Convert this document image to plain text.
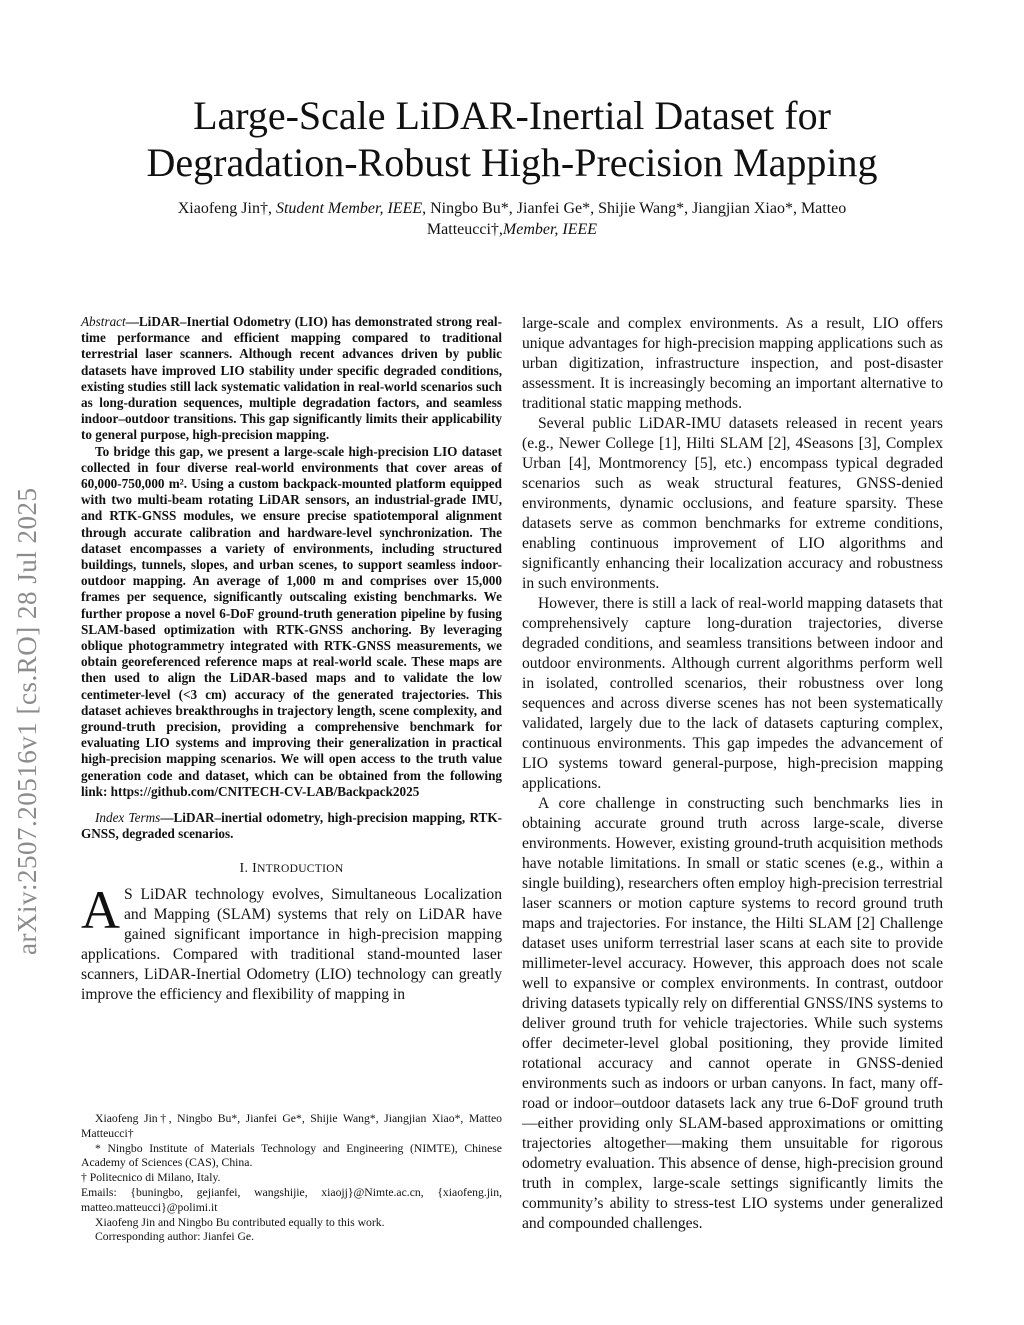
arXiv:2507.20516v1 [cs.RO] 28 Jul 2025
Large-Scale LiDAR-Inertial Dataset for
Degradation-Robust High-Precision Mapping
Xiaofeng Jin†, Student Member, IEEE, Ningbo Bu*, Jianfei Ge*, Shijie Wang*, Jiangjian Xiao*, Matteo Matteucci†,Member, IEEE

Abstract—LiDAR–Inertial Odometry (LIO) has demonstrated strong real-time performance and efficient mapping compared to traditional terrestrial laser scanners. Although recent advances driven by public datasets have improved LIO stability under specific degraded conditions, existing studies still lack systematic validation in real-world scenarios such as long-duration sequences, multiple degradation factors, and seamless indoor–outdoor transitions. This gap significantly limits their applicability to general purpose, high-precision mapping.

To bridge this gap, we present a large-scale high-precision LIO dataset collected in four diverse real-world environments that cover areas of 60,000-750,000 m². Using a custom backpack-mounted platform equipped with two multi-beam rotating LiDAR sensors, an industrial-grade IMU, and RTK-GNSS modules, we ensure precise spatiotemporal alignment through accurate calibration and hardware-level synchronization. The dataset encompasses a variety of environments, including structured buildings, tunnels, slopes, and urban scenes, to support seamless indoor-outdoor mapping. An average of 1,000 m and comprises over 15,000 frames per sequence, significantly outscaling existing benchmarks. We further propose a novel 6-DoF ground-truth generation pipeline by fusing SLAM-based optimization with RTK-GNSS anchoring. By leveraging oblique photogrammetry integrated with RTK-GNSS measurements, we obtain georeferenced reference maps at real-world scale. These maps are then used to align the LiDAR-based maps and to validate the low centimeter-level (<3 cm) accuracy of the generated trajectories. This dataset achieves breakthroughs in trajectory length, scene complexity, and ground-truth precision, providing a comprehensive benchmark for evaluating LIO systems and improving their generalization in practical high-precision mapping scenarios. We will open access to the truth value generation code and dataset, which can be obtained from the following link: https://github.com/CNITECH-CV-LAB/Backpack2025

Index Terms—LiDAR–inertial odometry, high-precision mapping, RTK-GNSS, degraded scenarios.

I. INTRODUCTION

A S LiDAR technology evolves, Simultaneous Localization and Mapping (SLAM) systems that rely on LiDAR have gained significant importance in high-precision mapping applications. Compared with traditional stand-mounted laser scanners, LiDAR-Inertial Odometry (LIO) technology can greatly improve the efficiency and flexibility of mapping in

Xiaofeng Jin†, Ningbo Bu*, Jianfei Ge*, Shijie Wang*, Jiangjian Xiao*, Matteo Matteucci†

* Ningbo Institute of Materials Technology and Engineering (NIMTE), Chinese Academy of Sciences (CAS), China.

† Politecnico di Milano, Italy.

Emails: {buningbo, gejianfei, wangshijie, xiaojj}@Nimte.ac.cn, {xiaofeng.jin, matteo.matteucci}@polimi.it

Xiaofeng Jin and Ningbo Bu contributed equally to this work.

Corresponding author: Jianfei Ge.

large-scale and complex environments. As a result, LIO offers unique advantages for high-precision mapping applications such as urban digitization, infrastructure inspection, and post-disaster assessment. It is increasingly becoming an important alternative to traditional static mapping methods.

Several public LiDAR-IMU datasets released in recent years (e.g., Newer College [1], Hilti SLAM [2], 4Seasons [3], Complex Urban [4], Montmorency [5], etc.) encompass typical degraded scenarios such as weak structural features, GNSS-denied environments, dynamic occlusions, and feature sparsity. These datasets serve as common benchmarks for extreme conditions, enabling continuous improvement of LIO algorithms and significantly enhancing their localization accuracy and robustness in such environments.

However, there is still a lack of real-world mapping datasets that comprehensively capture long-duration trajectories, diverse degraded conditions, and seamless transitions between indoor and outdoor environments. Although current algorithms perform well in isolated, controlled scenarios, their robustness over long sequences and across diverse scenes has not been systematically validated, largely due to the lack of datasets capturing complex, continuous environments. This gap impedes the advancement of LIO systems toward general-purpose, high-precision mapping applications.

A core challenge in constructing such benchmarks lies in obtaining accurate ground truth across large-scale, diverse environments. However, existing ground-truth acquisition methods have notable limitations. In small or static scenes (e.g., within a single building), researchers often employ high-precision terrestrial laser scanners or motion capture systems to record ground truth maps and trajectories. For instance, the Hilti SLAM [2] Challenge dataset uses uniform terrestrial laser scans at each site to provide millimeter-level accuracy. However, this approach does not scale well to expansive or complex environments. In contrast, outdoor driving datasets typically rely on differential GNSS/INS systems to deliver ground truth for vehicle trajectories. While such systems offer decimeter-level global positioning, they provide limited rotational accuracy and cannot operate in GNSS-denied environments such as indoors or urban canyons. In fact, many off-road or indoor–outdoor datasets lack any true 6-DoF ground truth—either providing only SLAM-based approximations or omitting trajectories altogether—making them unsuitable for rigorous odometry evaluation. This absence of dense, high-precision ground truth in complex, large-scale settings significantly limits the community’s ability to stress-test LIO systems under generalized and compounded challenges.
